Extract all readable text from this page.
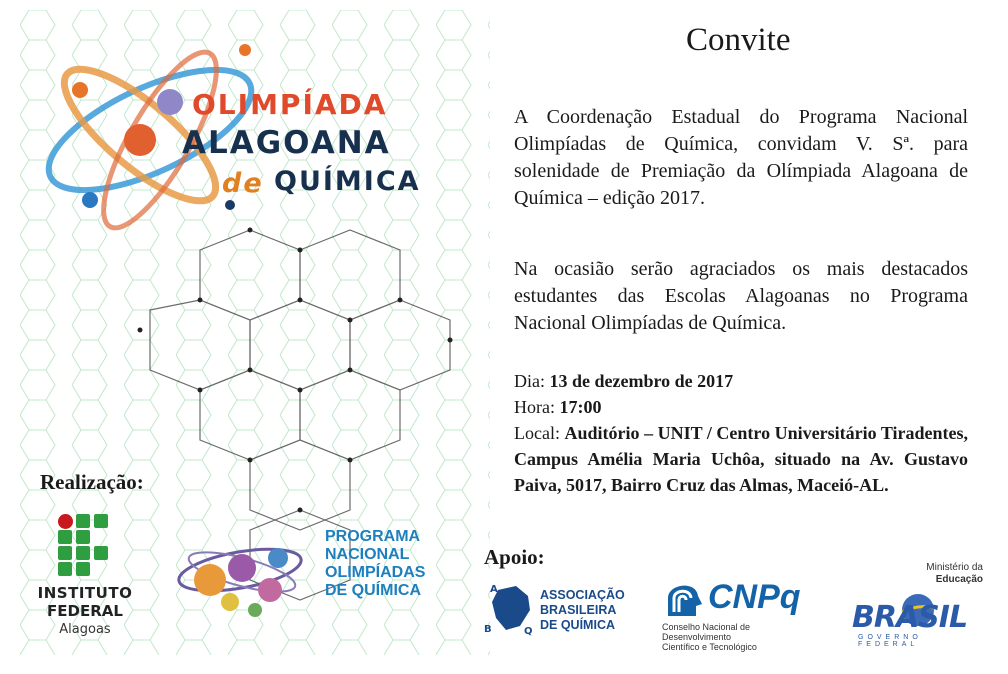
OLIMPÍADA
ALAGOANA
de QUÍMICA
Realização:
INSTITUTO
FEDERAL
Alagoas
PROGRAMA
NACIONAL
OLIMPÍADAS
DE QUÍMICA
Convite
A Coordenação Estadual do Programa Nacional Olimpíadas de Química, convidam V. Sª. para solenidade de Premiação da Olímpiada Alagoana de Química – edição 2017.
Na ocasião serão agraciados os mais destacados estudantes das Escolas Alagoanas no Programa Nacional Olimpíadas de Química.
Dia: 13 de dezembro de 2017
Hora: 17:00
Local: Auditório – UNIT / Centro Universitário Tiradentes, Campus Amélia Maria Uchôa, situado na Av. Gustavo Paiva, 5017, Bairro Cruz das Almas, Maceió-AL.
Apoio:
A
B	Q
ASSOCIAÇÃO
BRASILEIRA
DE QUÍMICA
CNPq
Conselho Nacional de Desenvolvimento
Científico e Tecnológico
Ministério da
Educação
BRASIL
GOVERNO FEDERAL
